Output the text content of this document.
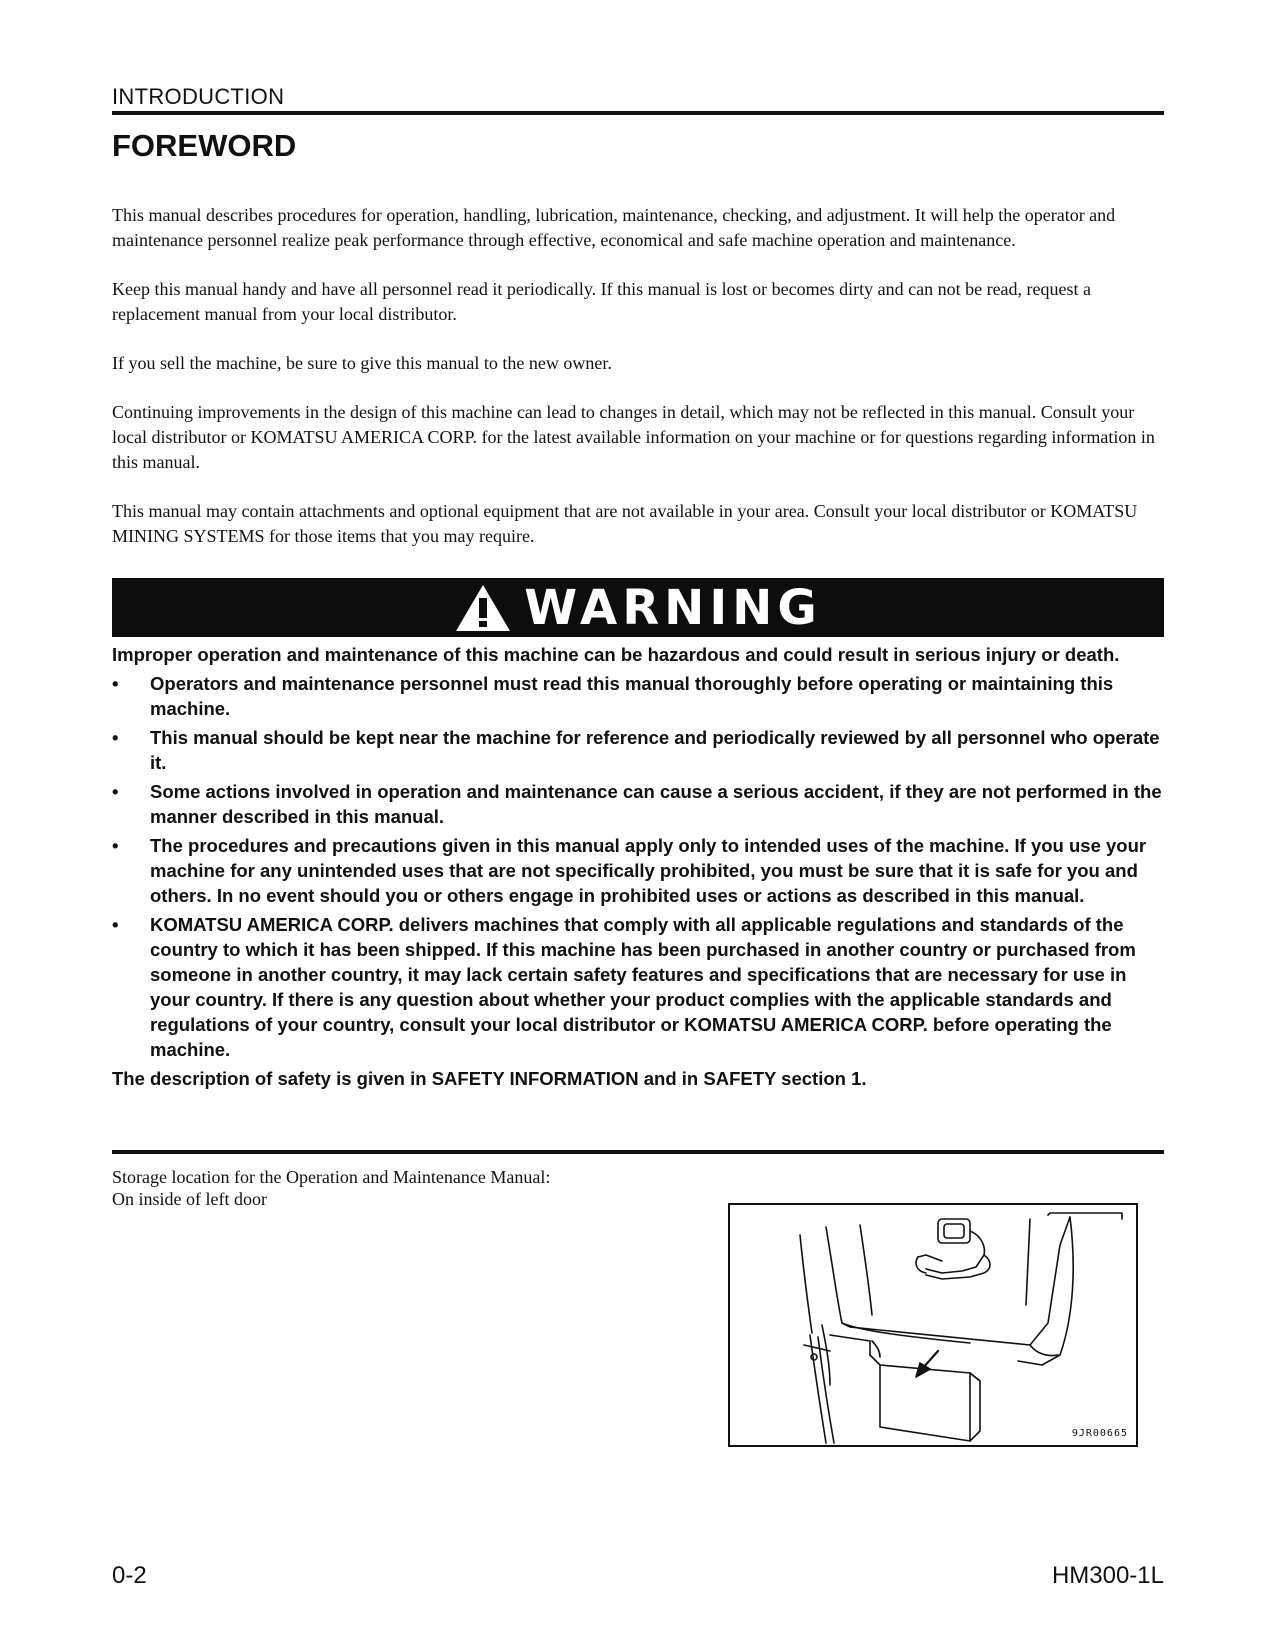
INTRODUCTION
FOREWORD

This manual describes procedures for operation, handling, lubrication, maintenance, checking, and adjustment. It will help the operator and maintenance personnel realize peak performance through effective, economical and safe machine operation and maintenance.

Keep this manual handy and have all personnel read it periodically. If this manual is lost or becomes dirty and can not be read, request a replacement manual from your local distributor.

If you sell the machine, be sure to give this manual to the new owner.

Continuing improvements in the design of this machine can lead to changes in detail, which may not be reflected in this manual. Consult your local distributor or KOMATSU AMERICA CORP. for the latest available information on your machine or for questions regarding information in this manual.

This manual may contain attachments and optional equipment that are not available in your area. Consult your local distributor or KOMATSU MINING SYSTEMS for those items that you may require.

WARNING

Improper operation and maintenance of this machine can be hazardous and could result in serious injury or death.

• Operators and maintenance personnel must read this manual thoroughly before operating or maintaining this machine.
• This manual should be kept near the machine for reference and periodically reviewed by all personnel who operate it.
• Some actions involved in operation and maintenance can cause a serious accident, if they are not performed in the manner described in this manual.
• The procedures and precautions given in this manual apply only to intended uses of the machine. If you use your machine for any unintended uses that are not specifically prohibited, you must be sure that it is safe for you and others. In no event should you or others engage in prohibited uses or actions as described in this manual.
• KOMATSU AMERICA CORP. delivers machines that comply with all applicable regulations and standards of the country to which it has been shipped. If this machine has been purchased in another country or purchased from someone in another country, it may lack certain safety features and specifications that are necessary for use in your country. If there is any question about whether your product complies with the applicable standards and regulations of your country, consult your local distributor or KOMATSU AMERICA CORP. before operating the machine.

The description of safety is given in SAFETY INFORMATION and in SAFETY section 1.

Storage location for the Operation and Maintenance Manual:
On inside of left door
9JR00665
0-2	HM300-1L
